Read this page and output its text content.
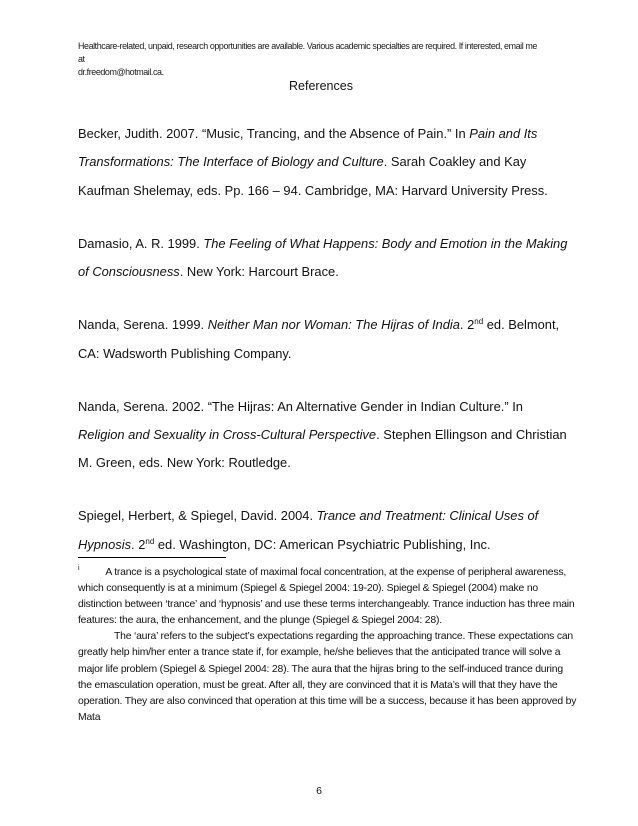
Healthcare-related, unpaid, research opportunities are available. Various academic specialties are required. If interested, email me at
dr.freedom@hotmail.ca.
References

Becker, Judith. 2007. “Music, Trancing, and the Absence of Pain.” In Pain and Its Transformations: The Interface of Biology and Culture. Sarah Coakley and Kay Kaufman Shelemay, eds. Pp. 166 – 94. Cambridge, MA: Harvard University Press.

Damasio, A. R. 1999. The Feeling of What Happens: Body and Emotion in the Making of Consciousness. New York: Harcourt Brace.

Nanda, Serena. 1999. Neither Man nor Woman: The Hijras of India. 2nd ed. Belmont, CA: Wadsworth Publishing Company.

Nanda, Serena. 2002. “The Hijras: An Alternative Gender in Indian Culture.” In Religion and Sexuality in Cross-Cultural Perspective. Stephen Ellingson and Christian M. Green, eds. New York: Routledge.

Spiegel, Herbert, & Spiegel, David. 2004. Trance and Treatment: Clinical Uses of Hypnosis. 2nd ed. Washington, DC: American Psychiatric Publishing, Inc.

$^i$	A trance is a psychological state of maximal focal concentration, at the expense of peripheral awareness, which consequently is at a minimum (Spiegel & Spiegel 2004: 19-20). Spiegel & Spiegel (2004) make no distinction between ‘trance’ and ‘hypnosis’ and use these terms interchangeably. Trance induction has three main features: the aura, the enhancement, and the plunge (Spiegel & Spiegel 2004: 28).

The ‘aura’ refers to the subject’s expectations regarding the approaching trance. These expectations can greatly help him/her enter a trance state if, for example, he/she believes that the anticipated trance will solve a major life problem (Spiegel & Spiegel 2004: 28). The aura that the hijras bring to the self-induced trance during the emasculation operation, must be great. After all, they are convinced that it is Mata’s will that they have the operation. They are also convinced that operation at this time will be a success, because it has been approved by Mata

6
